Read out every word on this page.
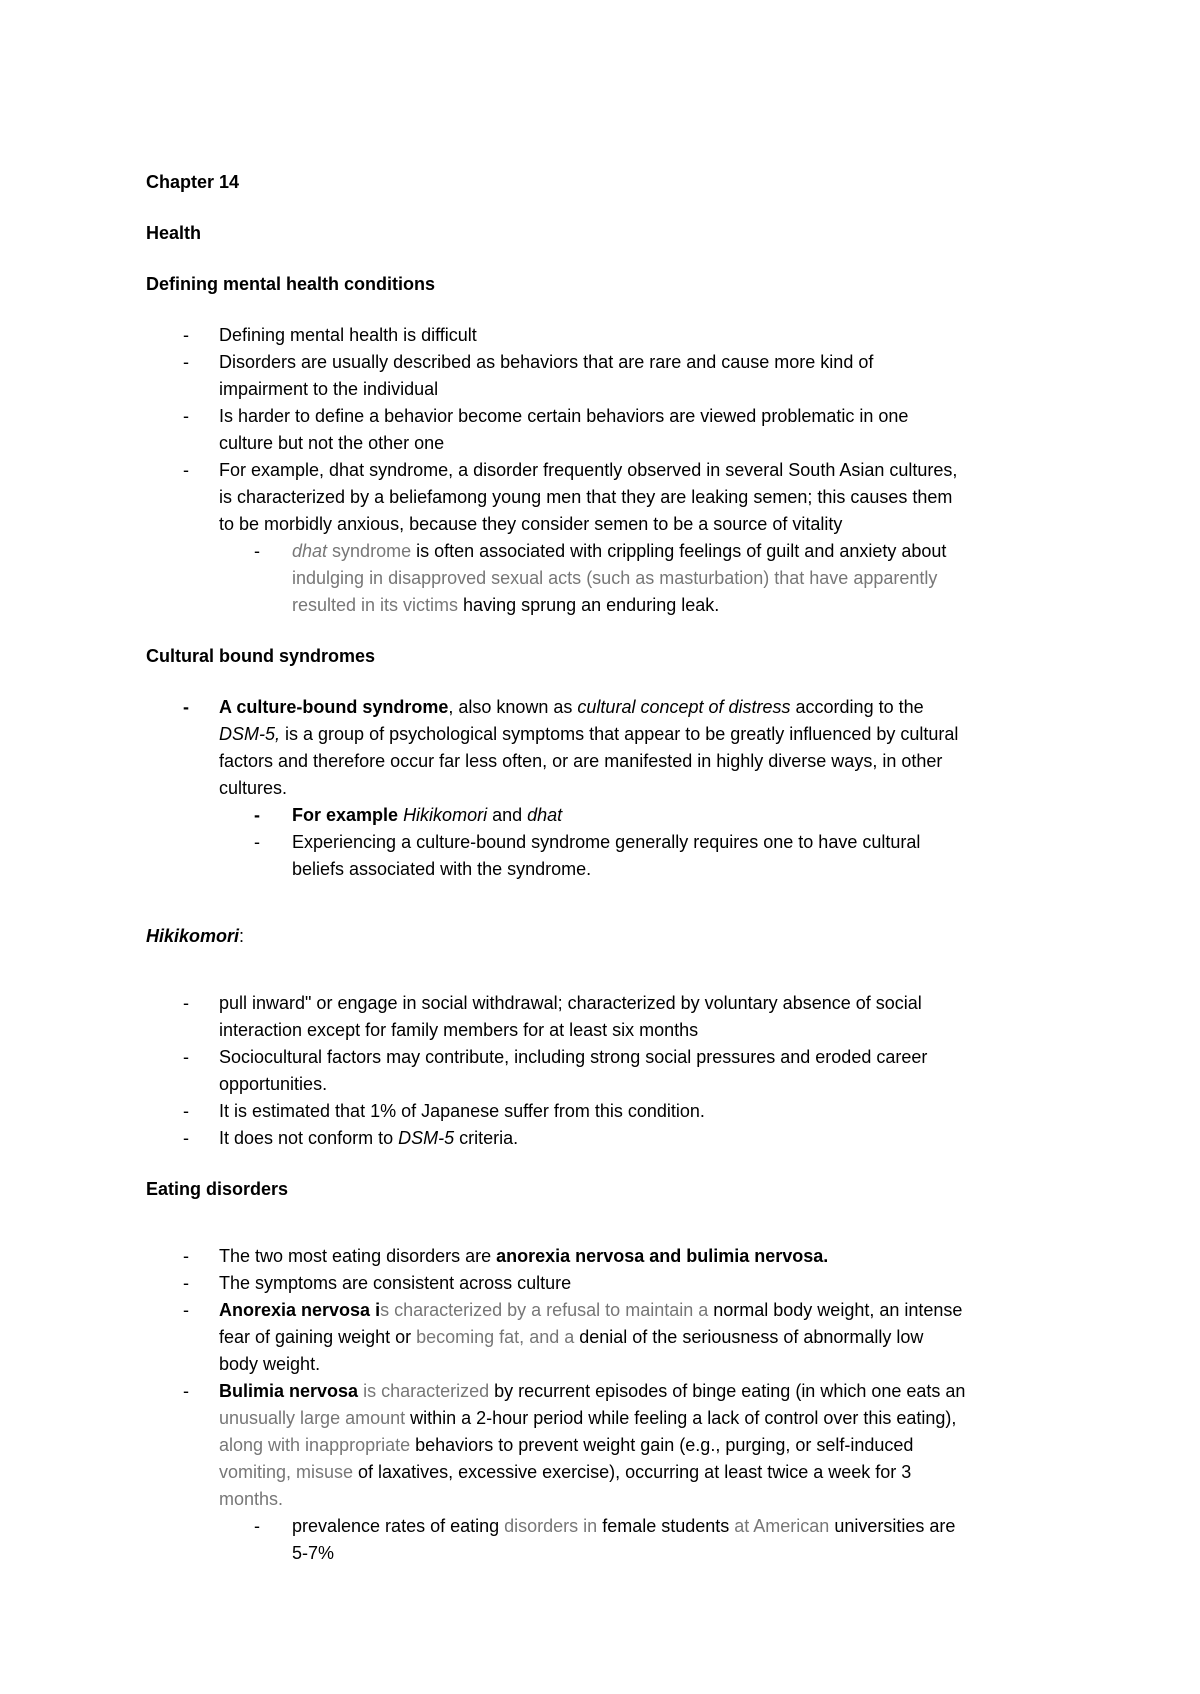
Chapter 14
Health
Defining mental health conditions
- Defining mental health is difficult
- Disorders are usually described as behaviors that are rare and cause more kind of
impairment to the individual
- Is harder to define a behavior become certain behaviors are viewed problematic in one
culture but not the other one
- For example, dhat syndrome, a disorder frequently observed in several South Asian cultures,
is characterized by a beliefamong young men that they are leaking semen; this causes them
to be morbidly anxious, because they consider semen to be a source of vitality
- dhat syndrome is often associated with crippling feelings of guilt and anxiety about
indulging in disapproved sexual acts (such as masturbation) that have apparently
resulted in its victims having sprung an enduring leak.
Cultural bound syndromes
- A culture-bound syndrome, also known as cultural concept of distress according to the
DSM-5, is a group of psychological symptoms that appear to be greatly influenced by cultural
factors and therefore occur far less often, or are manifested in highly diverse ways, in other
cultures.
- For example Hikikomori and dhat
- Experiencing a culture-bound syndrome generally requires one to have cultural
beliefs associated with the syndrome.
Hikikomori:
- pull inward" or engage in social withdrawal; characterized by voluntary absence of social
interaction except for family members for at least six months
- Sociocultural factors may contribute, including strong social pressures and eroded career
opportunities.
- It is estimated that 1% of Japanese suffer from this condition.
- It does not conform to DSM-5 criteria.
Eating disorders
- The two most eating disorders are anorexia nervosa and bulimia nervosa.
- The symptoms are consistent across culture
- Anorexia nervosa is characterized by a refusal to maintain a normal body weight, an intense
fear of gaining weight or becoming fat, and a denial of the seriousness of abnormally low
body weight.
- Bulimia nervosa is characterized by recurrent episodes of binge eating (in which one eats an
unusually large amount within a 2-hour period while feeling a lack of control over this eating),
along with inappropriate behaviors to prevent weight gain (e.g., purging, or self-induced
vomiting, misuse of laxatives, excessive exercise), occurring at least twice a week for 3
months.
- prevalence rates of eating disorders in female students at American universities are
5-7%
